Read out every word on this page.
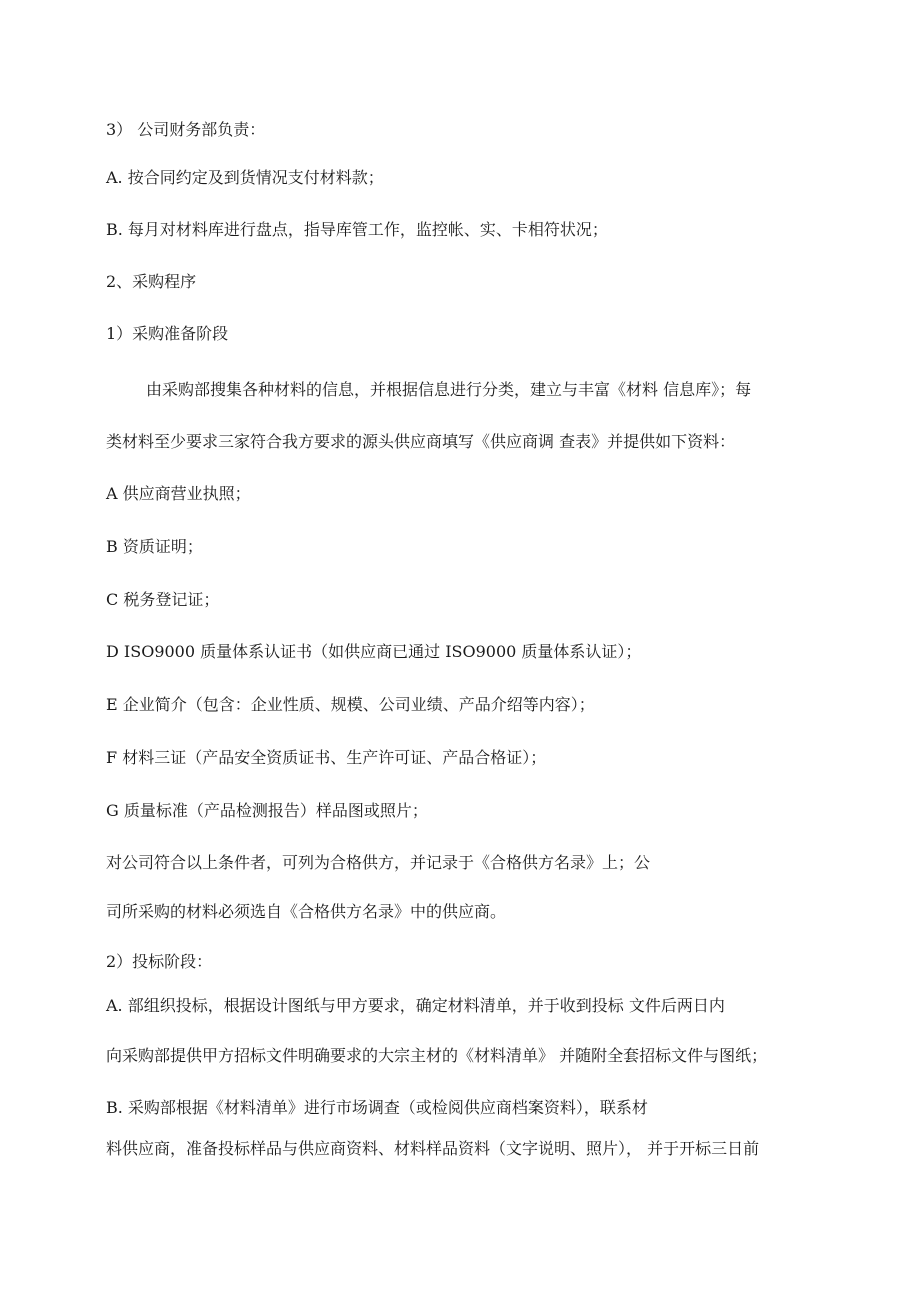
3） 公司财务部负责：
A. 按合同约定及到货情况支付材料款；
B. 每月对材料库进行盘点，指导库管工作，监控帐、实、卡相符状况；
2、采购程序
1）采购准备阶段
由采购部搜集各种材料的信息，并根据信息进行分类，建立与丰富《材料 信息库》；每
类材料至少要求三家符合我方要求的源头供应商填写《供应商调 查表》并提供如下资料：
A 供应商营业执照；
B 资质证明；
C 税务登记证；
D ISO9000 质量体系认证书（如供应商已通过 ISO9000 质量体系认证）；
E 企业简介（包含：企业性质、规模、公司业绩、产品介绍等内容）；
F 材料三证（产品安全资质证书、生产许可证、产品合格证）；
G 质量标准（产品检测报告）样品图或照片；
对公司符合以上条件者，可列为合格供方，并记录于《合格供方名录》上；公
司所采购的材料必须选自《合格供方名录》中的供应商。
2）投标阶段：
A. 部组织投标，根据设计图纸与甲方要求，确定材料清单，并于收到投标 文件后两日内
向采购部提供甲方招标文件明确要求的大宗主材的《材料清单》 并随附全套招标文件与图纸；
B. 采购部根据《材料清单》进行市场调查（或检阅供应商档案资料），联系材
料供应商，准备投标样品与供应商资料、材料样品资料（文字说明、照片）， 并于开标三日前
